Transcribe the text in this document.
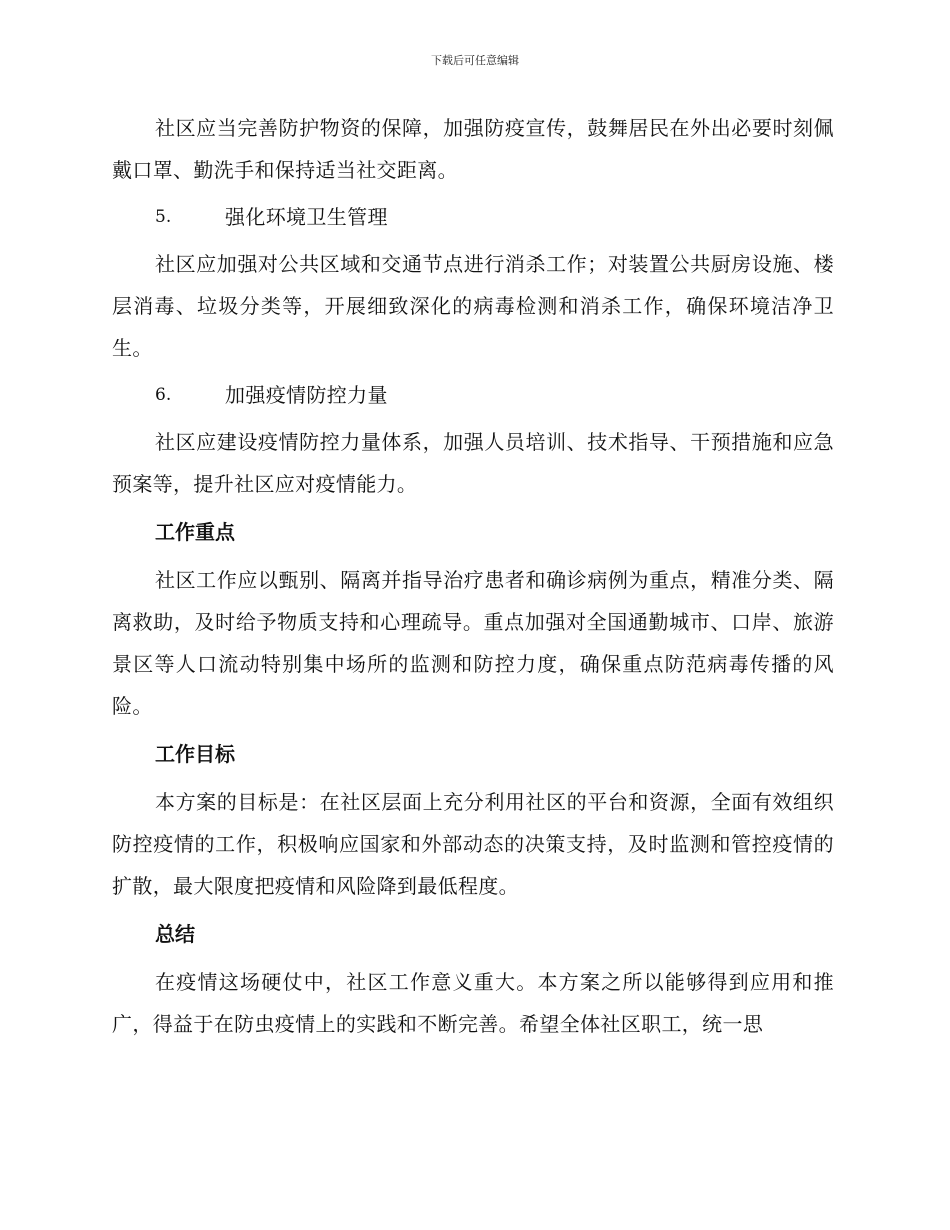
下载后可任意编辑

社区应当完善防护物资的保障，加强防疫宣传，鼓舞居民在外出必要时刻佩戴口罩、勤洗手和保持适当社交距离。

5.	强化环境卫生管理

社区应加强对公共区域和交通节点进行消杀工作；对装置公共厨房设施、楼层消毒、垃圾分类等，开展细致深化的病毒检测和消杀工作，确保环境洁净卫生。

6.	加强疫情防控力量

社区应建设疫情防控力量体系，加强人员培训、技术指导、干预措施和应急预案等，提升社区应对疫情能力。

工作重点

社区工作应以甄别、隔离并指导治疗患者和确诊病例为重点，精准分类、隔离救助，及时给予物质支持和心理疏导。重点加强对全国通勤城市、口岸、旅游景区等人口流动特别集中场所的监测和防控力度，确保重点防范病毒传播的风险。

工作目标

本方案的目标是：在社区层面上充分利用社区的平台和资源，全面有效组织防控疫情的工作，积极响应国家和外部动态的决策支持，及时监测和管控疫情的扩散，最大限度把疫情和风险降到最低程度。

总结

在疫情这场硬仗中，社区工作意义重大。本方案之所以能够得到应用和推广，得益于在防虫疫情上的实践和不断完善。希望全体社区职工，统一思
